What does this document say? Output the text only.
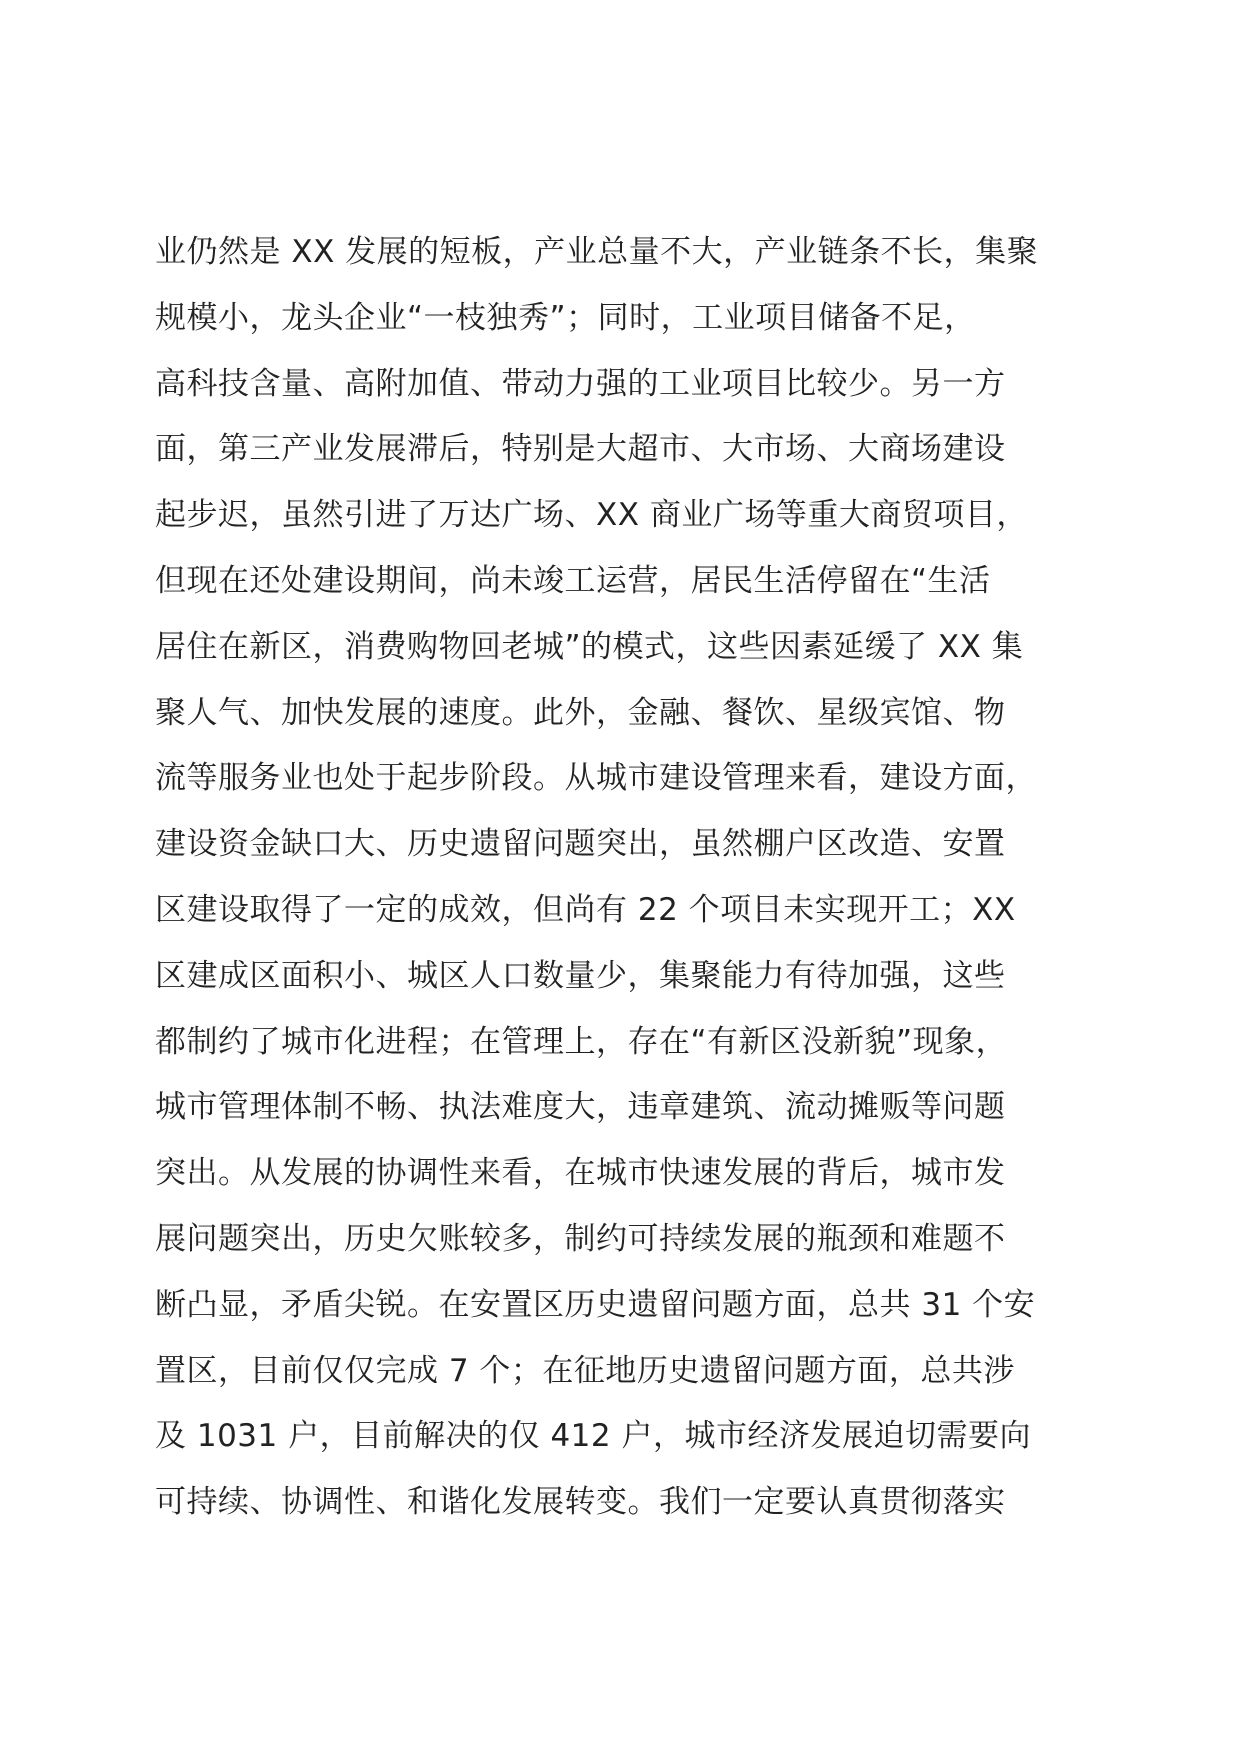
业仍然是 XX 发展的短板，产业总量不大，产业链条不长，集聚
规模小，龙头企业“一枝独秀”；同时，工业项目储备不足，
高科技含量、高附加值、带动力强的工业项目比较少。另一方
面，第三产业发展滞后，特别是大超市、大市场、大商场建设
起步迟，虽然引进了万达广场、XX 商业广场等重大商贸项目，
但现在还处建设期间，尚未竣工运营，居民生活停留在“生活
居住在新区，消费购物回老城”的模式，这些因素延缓了 XX 集
聚人气、加快发展的速度。此外，金融、餐饮、星级宾馆、物
流等服务业也处于起步阶段。从城市建设管理来看，建设方面，
建设资金缺口大、历史遗留问题突出，虽然棚户区改造、安置
区建设取得了一定的成效，但尚有 22 个项目未实现开工；XX
区建成区面积小、城区人口数量少，集聚能力有待加强，这些
都制约了城市化进程；在管理上，存在“有新区没新貌”现象，
城市管理体制不畅、执法难度大，违章建筑、流动摊贩等问题
突出。从发展的协调性来看，在城市快速发展的背后，城市发
展问题突出，历史欠账较多，制约可持续发展的瓶颈和难题不
断凸显，矛盾尖锐。在安置区历史遗留问题方面，总共 31 个安
置区，目前仅仅完成 7 个；在征地历史遗留问题方面，总共涉
及 1031 户，目前解决的仅 412 户，城市经济发展迫切需要向
可持续、协调性、和谐化发展转变。我们一定要认真贯彻落实
